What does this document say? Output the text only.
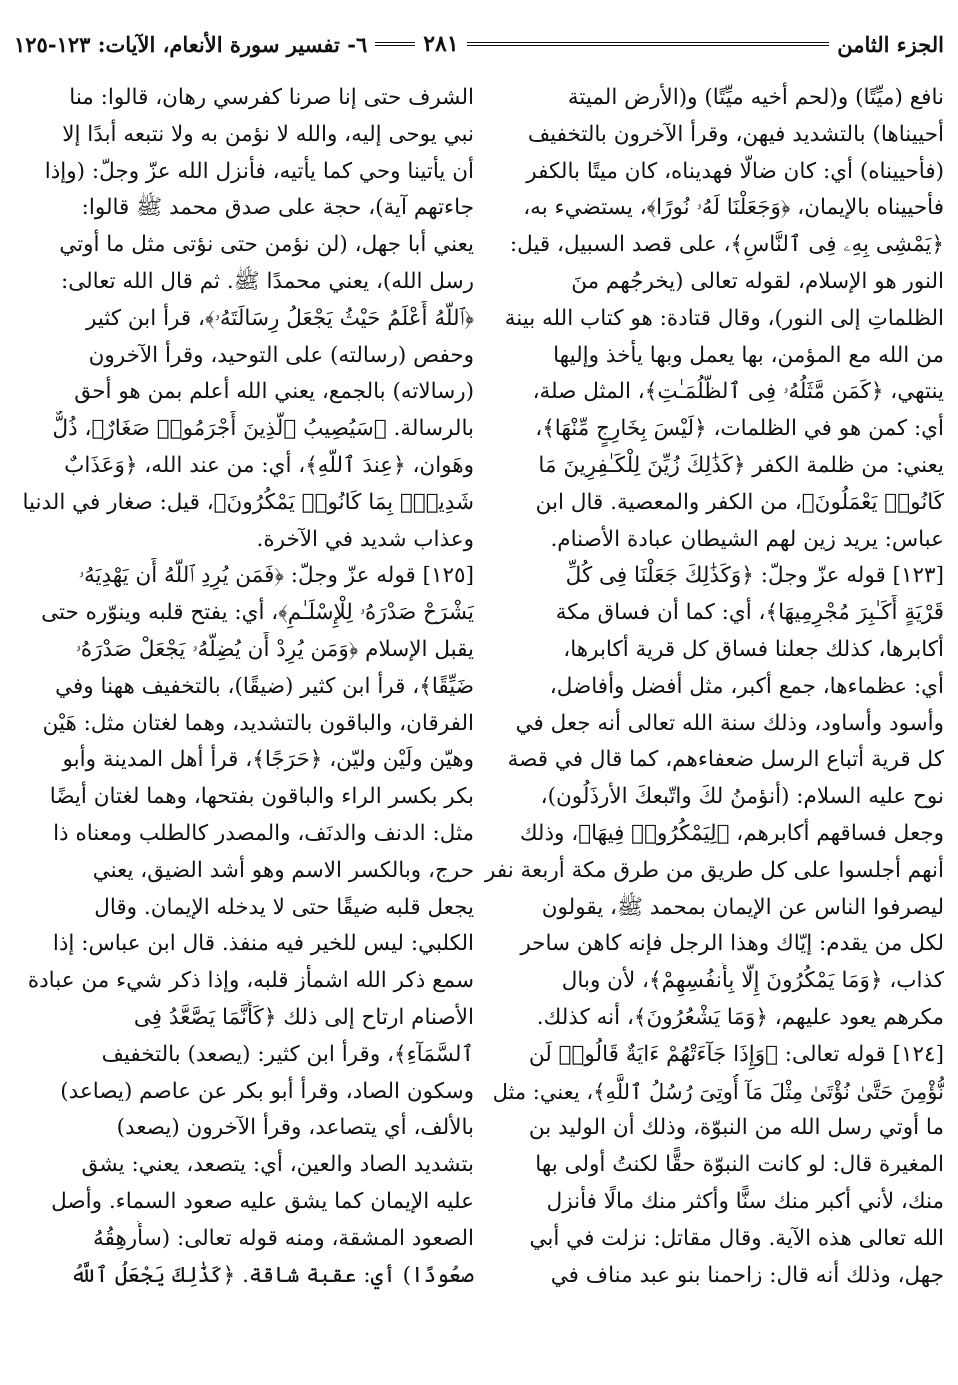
الجزء الثامن
٢٨١
٦- تفسير سورة الأنعام، الآيات: ١٢٣-١٢٥
نافع (ميِّتًا) و(لحم أخيه ميِّتًا) و(الأرض الميتة
أحييناها) بالتشديد فيهن، وقرأ الآخرون بالتخفيف
(فأحييناه) أي: كان ضالًّا فهديناه، كان ميتًا بالكفر
فأحييناه بالإيمان، ﴿وَجَعَلْنَا لَهُۥ نُورًا﴾، يستضيء به،
﴿يَمْشِى بِهِۦ فِى ٱلنَّاسِ﴾، على قصد السبيل، قيل:
النور هو الإسلام، لقوله تعالى (يخرجُهم منَ
الظلماتِ إلى النور)، وقال قتادة: هو كتاب الله بينة
من الله مع المؤمن، بها يعمل وبها يأخذ وإليها
ينتهي، ﴿كَمَن مَّثَلُهُۥ فِى ٱلظُّلُمَـٰتِ﴾، المثل صلة،
أي: كمن هو في الظلمات، ﴿لَيْسَ بِخَارِجٍ مِّنْهَا﴾،
يعني: من ظلمة الكفر ﴿كَذَٰلِكَ زُيِّنَ لِلْكَـٰفِرِينَ مَا
كَانُوا۟ يَعْمَلُونَ﴾، من الكفر والمعصية. قال ابن
عباس: يريد زين لهم الشيطان عبادة الأصنام.
[١٢٣] قوله عزّ وجلّ: ﴿وَكَذَٰلِكَ جَعَلْنَا فِى كُلِّ
قَرْيَةٍ أَكَـٰبِرَ مُجْرِمِيهَا﴾، أي: كما أن فساق مكة
أكابرها، كذلك جعلنا فساق كل قرية أكابرها،
أي: عظماءها، جمع أكبر، مثل أفضل وأفاضل،
وأسود وأساود، وذلك سنة الله تعالى أنه جعل في
كل قرية أتباع الرسل ضعفاءهم، كما قال في قصة
نوح عليه السلام: (أنؤمنُ لكَ واتّبعكَ الأرذَلُون)،
وجعل فساقهم أكابرهم، ﴿لِيَمْكُرُوا۟ فِيهَا﴾، وذلك
أنهم أجلسوا على كل طريق من طرق مكة أربعة نفر
ليصرفوا الناس عن الإيمان بمحمد ﷺ، يقولون
لكل من يقدم: إيّاك وهذا الرجل فإنه كاهن ساحر
كذاب، ﴿وَمَا يَمْكُرُونَ إِلَّا بِأَنفُسِهِمْ﴾، لأن وبال
مكرهم يعود عليهم، ﴿وَمَا يَشْعُرُونَ﴾، أنه كذلك.
[١٢٤] قوله تعالى: ﴿وَإِذَا جَآءَتْهُمْ ءَايَةٌ قَالُوا۟ لَن
نُّؤْمِنَ حَتَّىٰ نُؤْتَىٰ مِثْلَ مَآ أُوتِىَ رُسُلُ ٱللَّهِ﴾، يعني: مثل
ما أوتي رسل الله من النبوّة، وذلك أن الوليد بن
المغيرة قال: لو كانت النبوّة حقًّا لكنتُ أولى بها
منك، لأني أكبر منك سنًّا وأكثر منك مالًا فأنزل
الله تعالى هذه الآية. وقال مقاتل: نزلت في أبي
جهل، وذلك أنه قال: زاحمنا بنو عبد مناف في
الشرف حتى إنا صرنا كفرسي رهان، قالوا: منا
نبي يوحى إليه، والله لا نؤمن به ولا نتبعه أبدًا إلا
أن يأتينا وحي كما يأتيه، فأنزل الله عزّ وجلّ: (وإذا
جاءتهم آية)، حجة على صدق محمد ﷺ قالوا:
يعني أبا جهل، (لن نؤمن حتى نؤتى مثل ما أوتي
رسل الله)، يعني محمدًا ﷺ. ثم قال الله تعالى:
﴿ٱللَّهُ أَعْلَمُ حَيْثُ يَجْعَلُ رِسَالَتَهُۥ﴾، قرأ ابن كثير
وحفص (رسالته) على التوحيد، وقرأ الآخرون
(رسالاته) بالجمع، يعني الله أعلم بمن هو أحق
بالرسالة. ﴿سَيُصِيبُ ٱلَّذِينَ أَجْرَمُوا۟ صَغَارٌ﴾، ذُلٌّ
وهَوان، ﴿عِندَ ٱللَّهِ﴾، أي: من عند الله، ﴿وَعَذَابٌ
شَدِيدٌۢ بِمَا كَانُوا۟ يَمْكُرُونَ﴾، قيل: صغار في الدنيا
وعذاب شديد في الآخرة.
[١٢٥] قوله عزّ وجلّ: ﴿فَمَن يُرِدِ ٱللَّهُ أَن يَهْدِيَهُۥ
يَشْرَحْ صَدْرَهُۥ لِلْإِسْلَـٰمِ﴾، أي: يفتح قلبه وينوّره حتى
يقبل الإسلام ﴿وَمَن يُرِدْ أَن يُضِلَّهُۥ يَجْعَلْ صَدْرَهُۥ
ضَيِّقًا﴾، قرأ ابن كثير (ضيقًا)، بالتخفيف ههنا وفي
الفرقان، والباقون بالتشديد، وهما لغتان مثل: هَيْن
وهيّن ولَيْن وليّن، ﴿حَرَجًا﴾، قرأ أهل المدينة وأبو
بكر بكسر الراء والباقون بفتحها، وهما لغتان أيضًا
مثل: الدنف والدنَف، والمصدر كالطلب ومعناه ذا
حرج، وبالكسر الاسم وهو أشد الضيق، يعني
يجعل قلبه ضيقًا حتى لا يدخله الإيمان. وقال
الكلبي: ليس للخير فيه منفذ. قال ابن عباس: إذا
سمع ذكر الله اشمأز قلبه، وإذا ذكر شيء من عبادة
الأصنام ارتاح إلى ذلك ﴿كَأَنَّمَا يَصَّعَّدُ فِى
ٱلسَّمَآءِ﴾، وقرأ ابن كثير: (يصعد) بالتخفيف
وسكون الصاد، وقرأ أبو بكر عن عاصم (يصاعد)
بالألف، أي يتصاعد، وقرأ الآخرون (يصعد)
بتشديد الصاد والعين، أي: يتصعد، يعني: يشق
عليه الإيمان كما يشق عليه صعود السماء. وأصل
الصعود المشقة، ومنه قوله تعالى: (سأُرهِقُهُ
صعُودًا) أي: عقبة شاقة. ﴿كَذَٰلِكَ يَجْعَلُ ٱللَّهُ
